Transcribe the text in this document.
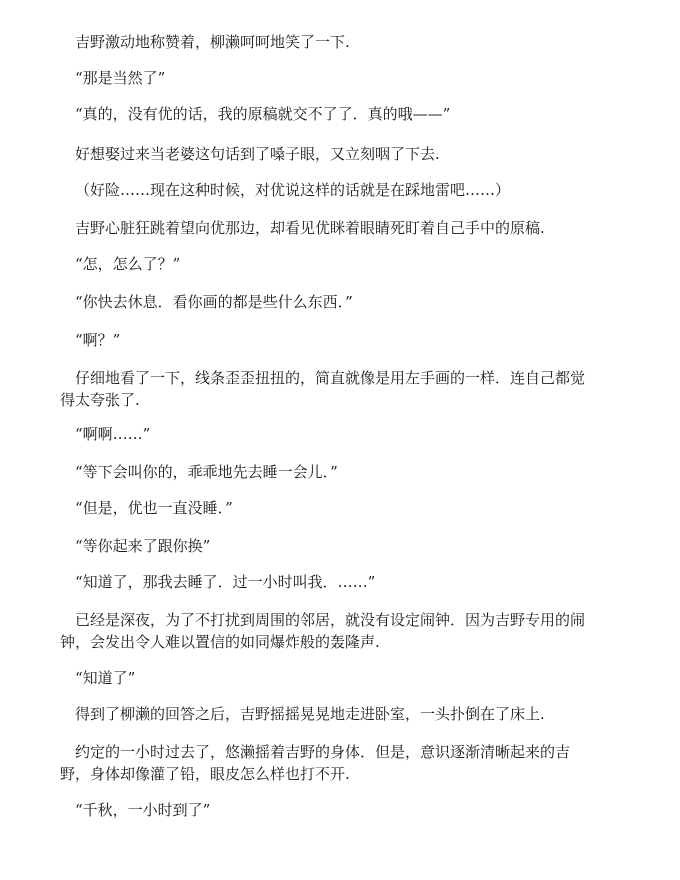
吉野激动地称赞着，柳濑呵呵地笑了一下.

“那是当然了”

“真的，没有优的话，我的原稿就交不了了．真的哦——”

好想娶过来当老婆这句话到了嗓子眼，又立刻咽了下去.

（好险……现在这种时候，对优说这样的话就是在踩地雷吧……）

吉野心脏狂跳着望向优那边，却看见优眯着眼睛死盯着自己手中的原稿.

“怎，怎么了？”

“你快去休息．看你画的都是些什么东西．”

“啊？”

仔细地看了一下，线条歪歪扭扭的，简直就像是用左手画的一样．连自己都觉

得太夸张了.

“啊啊……”

“等下会叫你的，乖乖地先去睡一会儿．”

“但是，优也一直没睡．”

“等你起来了跟你换”

“知道了，那我去睡了．过一小时叫我．……”

已经是深夜，为了不打扰到周围的邻居，就没有设定闹钟．因为吉野专用的闹

钟，会发出令人难以置信的如同爆炸般的轰隆声.

“知道了”

得到了柳濑的回答之后，吉野摇摇晃晃地走进卧室，一头扑倒在了床上.

约定的一小时过去了，悠濑摇着吉野的身体．但是，意识逐渐清晰起来的吉

野，身体却像灌了铅，眼皮怎么样也打不开.

“千秋，一小时到了”
